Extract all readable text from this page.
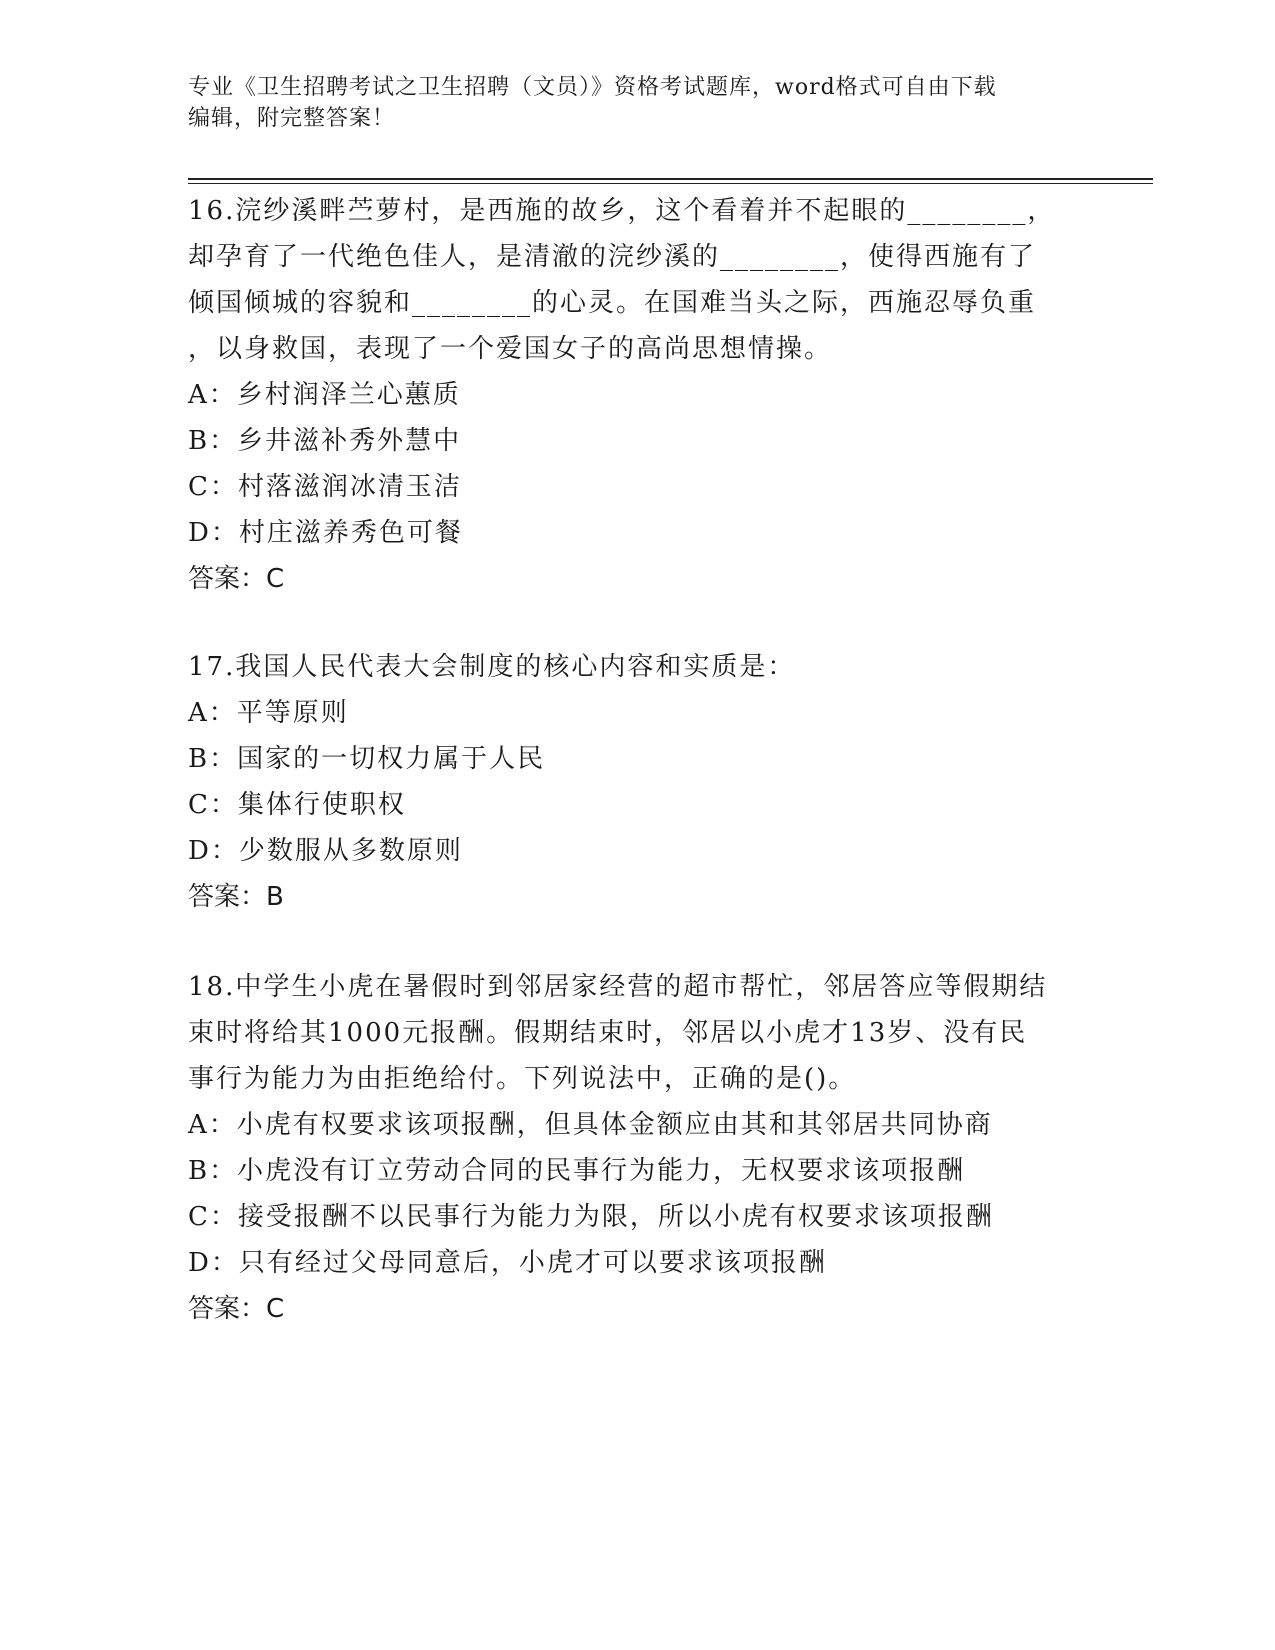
专业《卫生招聘考试之卫生招聘（文员）》资格考试题库，word格式可自由下载
编辑，附完整答案！
16.浣纱溪畔苎萝村，是西施的故乡，这个看着并不起眼的________，
却孕育了一代绝色佳人，是清澈的浣纱溪的________，使得西施有了
倾国倾城的容貌和________的心灵。在国难当头之际，西施忍辱负重
，以身救国，表现了一个爱国女子的高尚思想情操。
A：乡村润泽兰心蕙质
B：乡井滋补秀外慧中
C：村落滋润冰清玉洁
D：村庄滋养秀色可餐
答案：C
17.我国人民代表大会制度的核心内容和实质是：
A：平等原则
B：国家的一切权力属于人民
C：集体行使职权
D：少数服从多数原则
答案：B
18.中学生小虎在暑假时到邻居家经营的超市帮忙，邻居答应等假期结
束时将给其1000元报酬。假期结束时，邻居以小虎才13岁、没有民
事行为能力为由拒绝给付。下列说法中，正确的是()。
A：小虎有权要求该项报酬，但具体金额应由其和其邻居共同协商
B：小虎没有订立劳动合同的民事行为能力，无权要求该项报酬
C：接受报酬不以民事行为能力为限，所以小虎有权要求该项报酬
D：只有经过父母同意后，小虎才可以要求该项报酬
答案：C
